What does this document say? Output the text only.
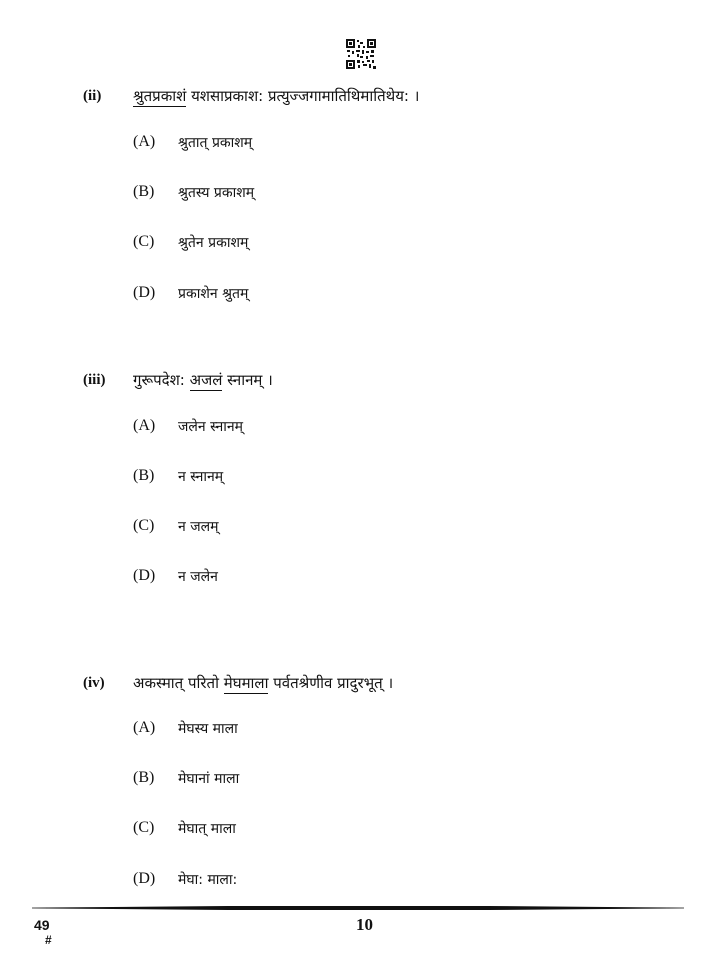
(ii) श्रुतप्रकाशं यशसाप्रकाश: प्रत्युज्जगामातिथिमातिथेय: ।
(A) श्रुतात् प्रकाशम्
(B) श्रुतस्य प्रकाशम्
(C) श्रुतेन प्रकाशम्
(D) प्रकाशेन श्रुतम्
(iii) गुरूपदेश: अजलं स्नानम् ।
(A) जलेन स्नानम्
(B) न स्नानम्
(C) न जलम्
(D) न जलेन
(iv) अकस्मात् परितो मेघमाला पर्वतश्रेणीव प्रादुरभूत् ।
(A) मेघस्य माला
(B) मेघानां माला
(C) मेघात् माला
(D) मेघा: माला:
49
#
10
